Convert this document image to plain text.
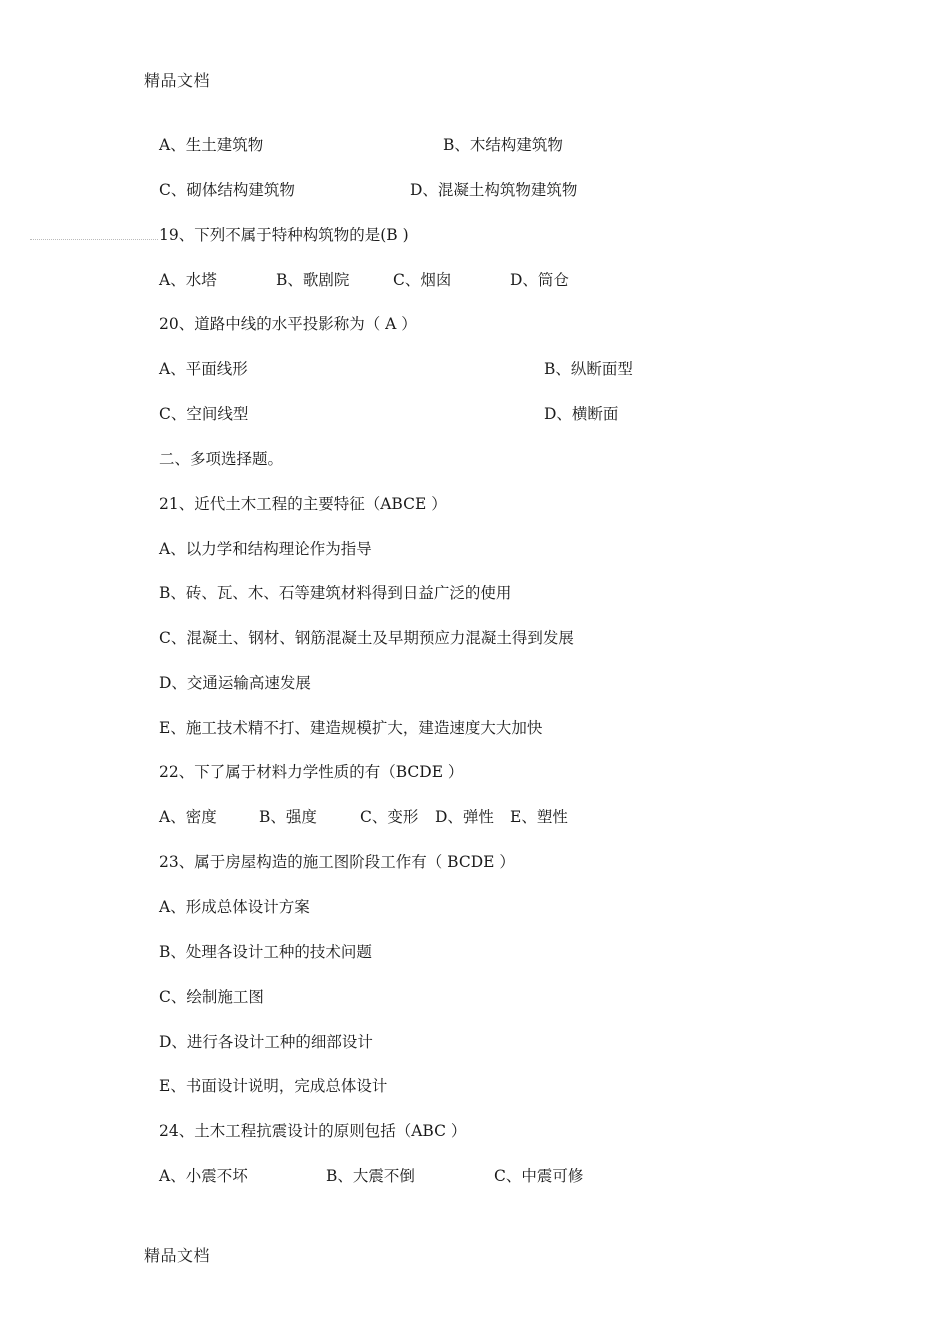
精品文档
A、生土建筑物	B、木结构建筑物
C、砌体结构建筑物	D、混凝土构筑物建筑物
19、下列不属于特种构筑物的是(B )
A、水塔	B、歌剧院	C、烟囱	D、筒仓
20、道路中线的水平投影称为（ A ）
A、平面线形	B、纵断面型
C、空间线型	D、横断面
二、多项选择题。
21、近代土木工程的主要特征（ABCE ）
A、以力学和结构理论作为指导
B、砖、瓦、木、石等建筑材料得到日益广泛的使用
C、混凝土、钢材、钢筋混凝土及早期预应力混凝土得到发展
D、交通运输高速发展
E、施工技术精不打、建造规模扩大，建造速度大大加快
22、下了属于材料力学性质的有（BCDE ）
A、密度	B、强度	C、变形 D、弹性 E、塑性
23、属于房屋构造的施工图阶段工作有（ BCDE ）
A、形成总体设计方案
B、处理各设计工种的技术问题
C、绘制施工图
D、进行各设计工种的细部设计
E、书面设计说明，完成总体设计
24、土木工程抗震设计的原则包括（ABC ）
A、小震不坏	B、大震不倒	C、中震可修
精品文档
